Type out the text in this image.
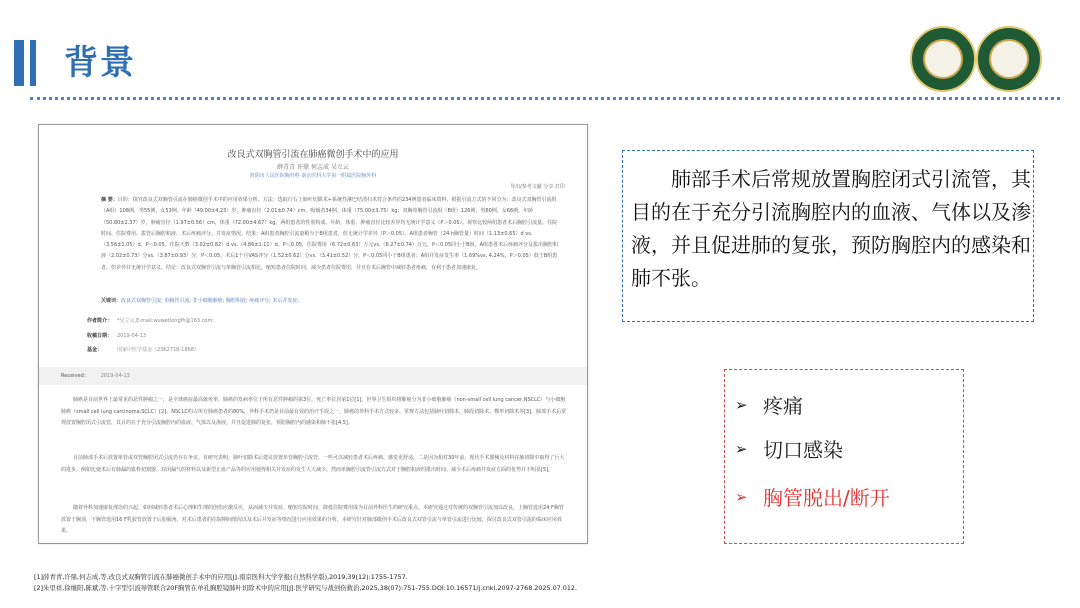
背景
改良式双胸管引流在肺癌微创手术中的应用
薛青青 许鼎 何志成 吴立云
淮阴市人民医院胸外科 南京医科大学第一附属医院胸外科
导出/参考文献 分享 打印
摘 要：目的：探究改良式双胸管引流在肺癌微创手术中的应用效果分析。方法：选取行右上肺叶切除术+系统性淋巴结清扫术符合条件的234例患者临床资料，根据引流方式的不同分为：改良式双胸管引流组（A组）108例，男55例，女53例，年龄（49.00±4.23）岁，肿瘤直径（2.01±0.74）cm，吸烟者34例，体重（75.00±3.75）kg；双胸单胸管引流组（B组）126例，男60例，女66例，年龄（50.80±2.37）岁，肿瘤直径（1.97±0.56）cm，体重（72.00±4.67）kg。两组患者的性别构成、年龄、体重、肿瘤直径比较差异均无统计学意义（P＞0.05）。观察比较两组患者术后胸腔引流量、住院时间、住院费用、拔管后胸腔积液、术后疼痛评分、并发症情况。结果：A组患者胸腔引流量稍少于B组患者，但无统计学差异（P＞0.05）。A组患者胸管（24 h胸管量）时间（1.13±0.65）d vs.（3.56±1.05）d，P＜0.05，住院天数（3.02±0.82）d vs.（4.86±1.11）d，P＜0.05，住院费用（6.72±0.63）万元vs.（6.27±0.74）万元，P＜0.05同小于B组。A组患者术后疼痛评分及拔出胸腔积液（2.02±0.73）分vs.（3.87±0.93）分，P＜0.05，术后1个月VAS评分（1.52±0.62）分vs.（3.41±0.52）分，P＜0.05同小于B组患者；A组并发症发生率（1.69%vs. 4.24%，P＞0.05）低于B组患者，但差异并无统计学意义。结论：改良式双胸管引流与单胸管引流相比，缩短患者住院时间，减少患者住院费用，并且在术后胸管中减轻患者疼痛，有利于患者加速康复。
关键词：改良式双胸管引流; 单胸管引流; 非小细胞肺癌; 胸腔积液; 疼痛评分; 术后并发症;
作者简介： *吴立云,E-mail:wuwetlongfh@163.com;
收稿日期： 2019-04-13
基金：	国家中医学基金（23K2718-1868）
Received： 2019-04-13
肺癌是目前世界上最常见的恶性肿瘤之一，是全球癌症最高致死率，肺癌的发病率位于所有恶性肿瘤的第3位，死亡率位居第1位[1]。世界卫生组织将肺癌分为非小细胞肺癌（non-small cell lung cancer,NSCLC）与小细胞肺癌（small cell lung carcinoma,SCLC）[2]，NSCLC约占所有肺癌患者的80%，外科手术仍是目前最有效的治疗手段之一。肺癌的外科手术方式较多，常规方法包括肺叶切除术、肺段切除术、楔形切除术等[3]，肺部手术后常规放置胸腔闭式引流管，其目的在于充分引流胸腔内的血液、气体以及渗液，并且促进肺的复张，预防胸腔内的感染和肺不张[4,5]。
目前肺部手术后放置单管或双管胸腔闭式引流仍存在争议。有研究表明，肺叶切除术后建议放置单管胸腔引流管，一些可以减轻患者术后疼痛、感觉更舒适、二是因为相对30年前，现代手术器械及材料在肺切除中取得了巨大的进步，例如比使术后有肺漏的血栓切割器、封闭漏气的材料以及新型止血产品等的应用使得相关并发症的发生大大减少。然而单胸腔引流管引流方式对于胸腔积液的排出时间、减少术后疼痛并发症方面的优势并不明显[5]。
随着外科加速康复理念的兴起，如何减轻患者术后心理和生理的创伤应激反应，从而减少并发症、缩短住院时间，降低住院费用成为目前外科医生的研究重点。本研究通过对传统的双胸管引流加以改良，上胸管选用24 F胸管放置于胸顶，下胸管选用16 F乳胶管放置于后肋膈角，对术后患者的住院期间情况以及术后并发症等情况进行应用效果的分析，本研究针对肺部微创手术后改良式双管引流与单管引流进行比较，探讨改良式双管引流的临床应用效果。

肺部手术后常规放置胸腔闭式引流管，其目的在于充分引流胸腔内的血液、气体以及渗液，并且促进肺的复张，预防胸腔内的感染和肺不张。

➢ 疼痛
➢ 切口感染
➢ 胸管脱出/断开
[1]薛青青,许鼎,何志成,等.改良式双胸管引流在肺癌微创手术中的应用[J].南京医科大学学报(自然科学版),2019,39(12):1755-1757.
[2]朱里祥,徐继阳,陈斌,等.十字型引流导管联合20F胸管在单孔胸腔镜肺叶切除术中的应用[J].医学研究与战创伤救治,2025,38(07):751-755.DOI:10.16571/j.cnki.2097-2768.2025.07.012.
